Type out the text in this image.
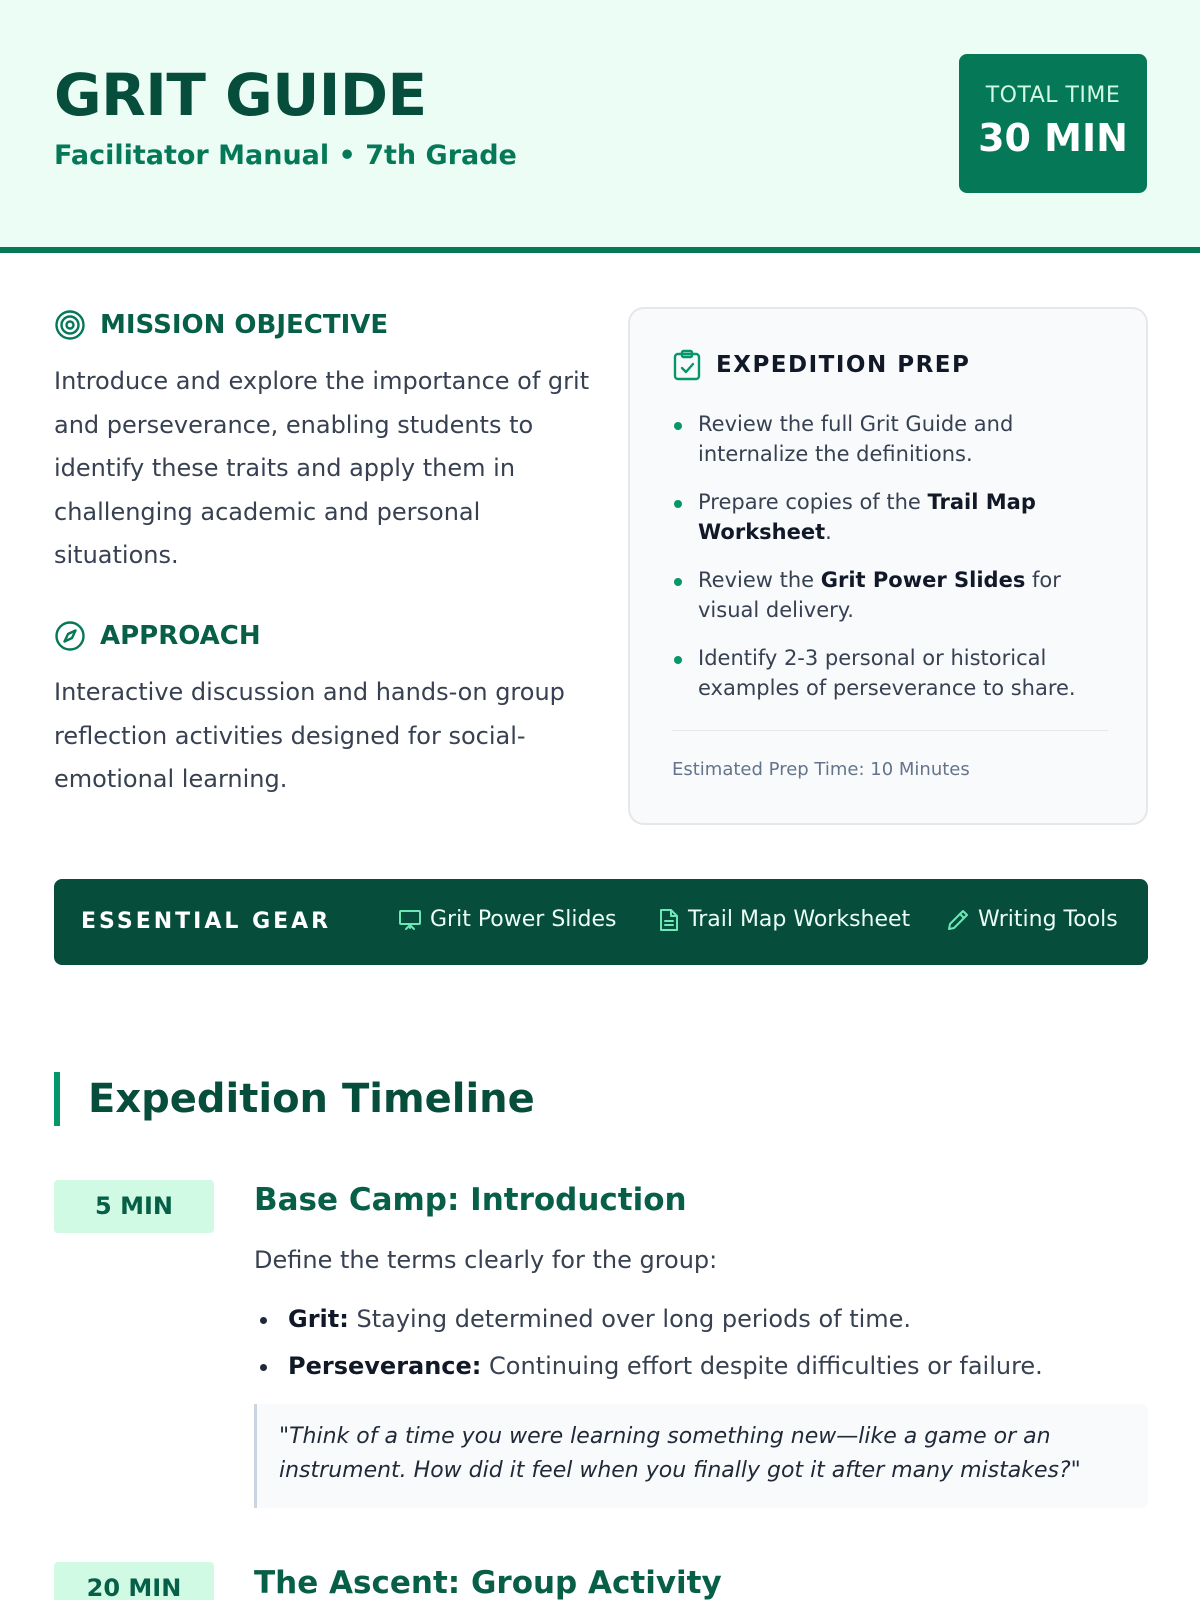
GRIT GUIDE
Facilitator Manual • 7th Grade
TOTAL TIME
30 MIN
MISSION OBJECTIVE
Introduce and explore the importance of grit and perseverance, enabling students to identify these traits and apply them in challenging academic and personal situations.
APPROACH
Interactive discussion and hands-on group reflection activities designed for social-emotional learning.
EXPEDITION PREP
Review the full Grit Guide and internalize the definitions.
Prepare copies of the Trail Map Worksheet.
Review the Grit Power Slides for visual delivery.
Identify 2-3 personal or historical examples of perseverance to share.
Estimated Prep Time: 10 Minutes
ESSENTIAL GEAR	Grit Power Slides	Trail Map Worksheet	Writing Tools
Expedition Timeline
5 MIN	Base Camp: Introduction
Define the terms clearly for the group:
Grit: Staying determined over long periods of time.
Perseverance: Continuing effort despite difficulties or failure.
"Think of a time you were learning something new—like a game or an instrument. How did it feel when you finally got it after many mistakes?"
20 MIN	The Ascent: Group Activity
